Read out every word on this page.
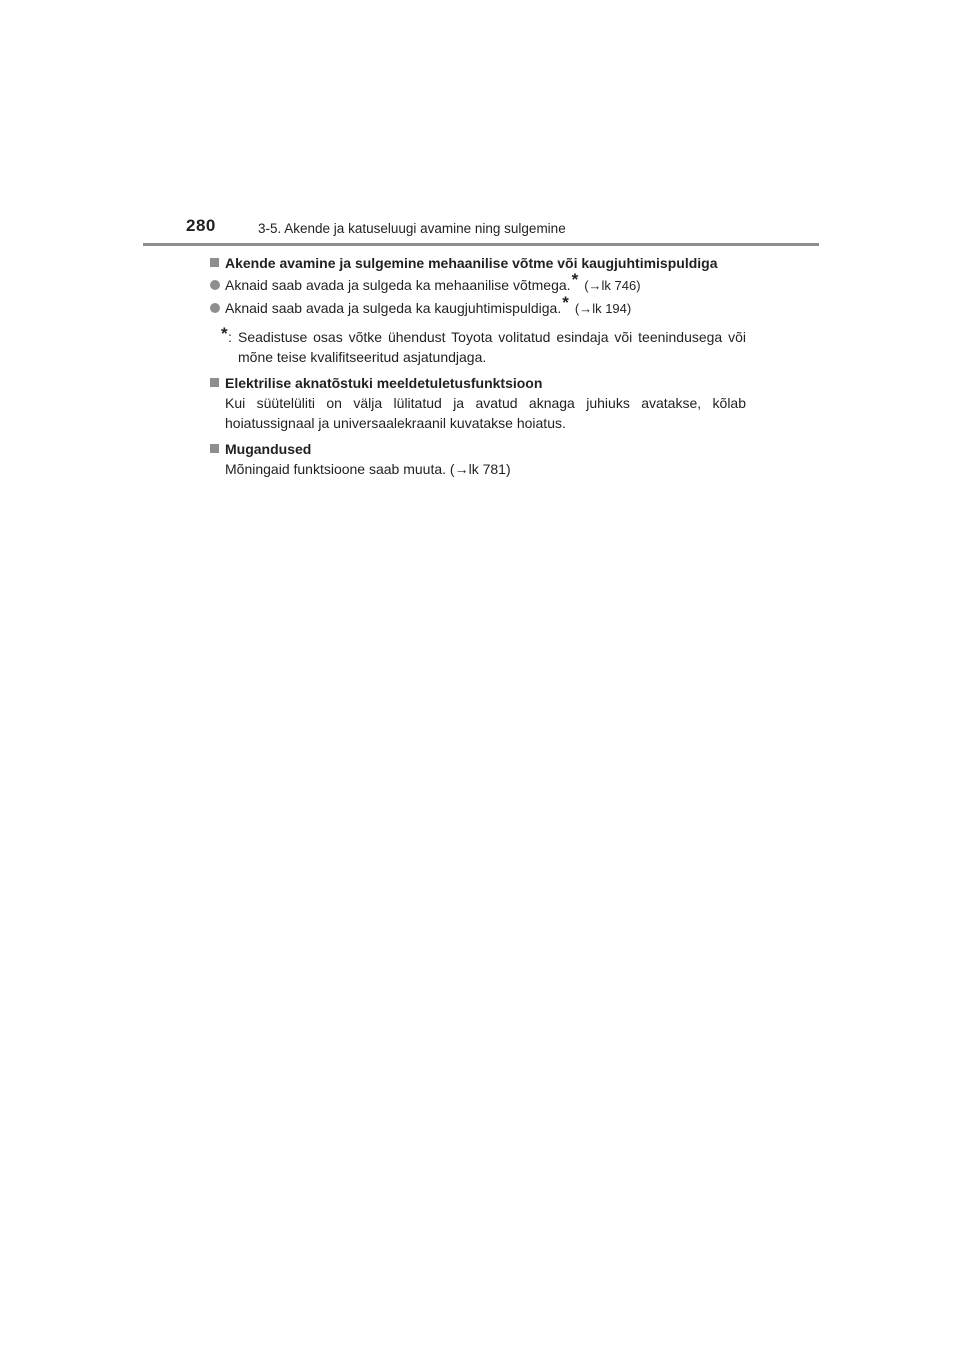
280	3-5. Akende ja katuseluugi avamine ning sulgemine
Akende avamine ja sulgemine mehaanilise võtme või kaugjuhtimispuldiga
Aknaid saab avada ja sulgeda ka mehaanilise võtmega.* (→lk 746)
Aknaid saab avada ja sulgeda ka kaugjuhtimispuldiga.* (→lk 194)
* : Seadistuse osas võtke ühendust Toyota volitatud esindaja või teenindusega või mõne teise kvalifitseeritud asjatundjaga.
Elektrilise aknatõstuki meeldetuletusfunktsioon
Kui süütelüliti on välja lülitatud ja avatud aknaga juhiuks avatakse, kõlab hoiatussignaal ja universaalekraanil kuvatakse hoiatus.
Mugandused
Mõningaid funktsioone saab muuta. (→lk 781)
